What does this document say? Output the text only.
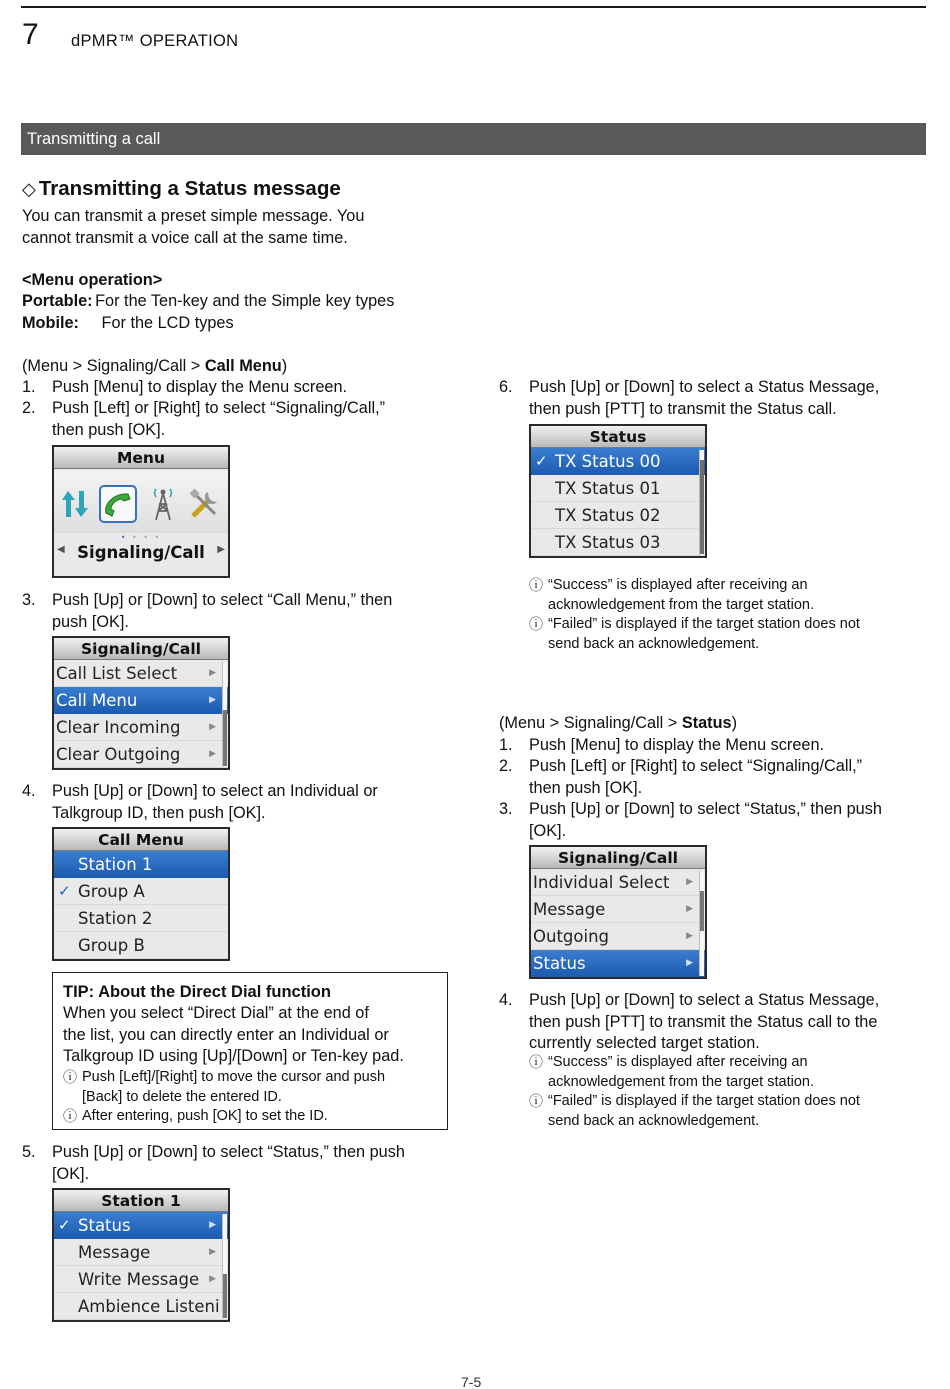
7 dPMR™ OPERATION
Transmitting a call
◇ Transmitting a Status message
You can transmit a preset simple message. You
cannot transmit a voice call at the same time.
<Menu operation>
Portable: For the Ten-key and the Simple key types
Mobile: For the LCD types
(Menu > Signaling/Call > Call Menu)
1. Push [Menu] to display the Menu screen.
2. Push [Left] or [Right] to select “Signaling/Call,”
then push [OK].
Menu
• • • •
◀ Signaling/Call	▶
3. Push [Up] or [Down] to select “Call Menu,” then
push [OK].
Signaling/Call
Call List Select	▶
Call Menu	▶
Clear Incoming	▶
Clear Outgoing	▶
4. Push [Up] or [Down] to select an Individual or
Talkgroup ID, then push [OK].
Call Menu
Station 1
✓ Group A
Station 2
Group B
TIP: About the Direct Dial function
When you select “Direct Dial” at the end of
the list, you can directly enter an Individual or
Talkgroup ID using [Up]/[Down] or Ten-key pad.
ⓘ Push [Left]/[Right] to move the cursor and push
[Back] to delete the entered ID.
ⓘ After entering, push [OK] to set the ID.
5. Push [Up] or [Down] to select “Status,” then push
[OK].
Station 1
✓ Status	▶
Message	▶
Write Message ▶
Ambience Listeni
6. Push [Up] or [Down] to select a Status Message,
then push [PTT] to transmit the Status call.
Status
✓ TX Status 00
TX Status 01
TX Status 02
TX Status 03
ⓘ “Success” is displayed after receiving an
acknowledgement from the target station.
ⓘ “Failed” is displayed if the target station does not
send back an acknowledgement.
(Menu > Signaling/Call > Status)
1. Push [Menu] to display the Menu screen.
2. Push [Left] or [Right] to select “Signaling/Call,”
then push [OK].
3. Push [Up] or [Down] to select “Status,” then push
[OK].
Signaling/Call
Individual Select ▶
Message	▶
Outgoing	▶
Status	▶
4. Push [Up] or [Down] to select a Status Message,
then push [PTT] to transmit the Status call to the
currently selected target station.
ⓘ “Success” is displayed after receiving an
acknowledgement from the target station.
ⓘ “Failed” is displayed if the target station does not
send back an acknowledgement.
7-5
